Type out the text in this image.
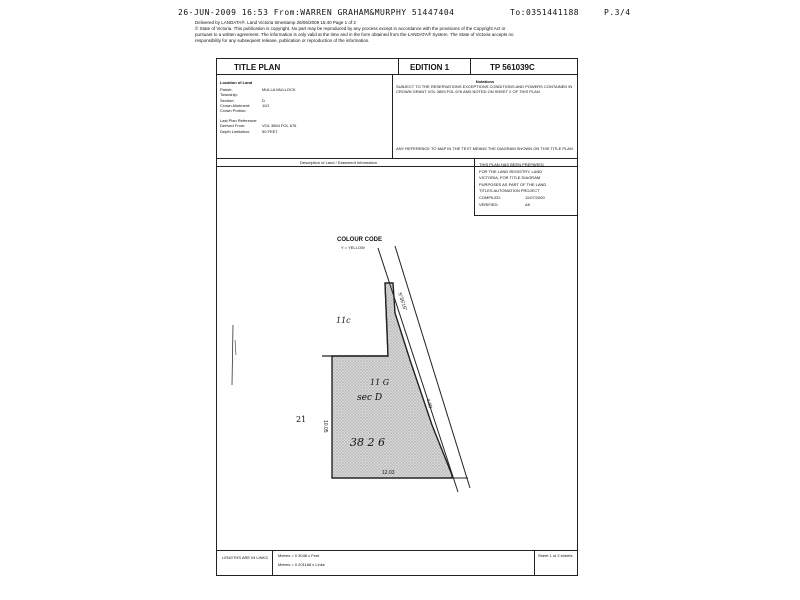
26-JUN-2009 16:53 From:WARREN GRAHAM&MURPHY 51447404	To:0351441188	P.3/4
Delivered by LANDATA®. Land Victoria timestamp 26/06/2009 15:40 Page 1 of 2
© State of Victoria. This publication is copyright. No part may be reproduced by any process except in accordance with the provisions of the Copyright Act or
pursuant to a written agreement. The information is only valid at the time and in the form obtained from the LANDATA® System. The State of Victoria accepts no
responsibility for any subsequent release, publication or reproduction of the information.
TITLE PLAN	EDITION 1	TP 561039C
Location of Land
Parish:	MULLA MULLOCK
Township:
Section:	D
Crown Allotment:	11G
Crown Portion:
Last Plan Reference:
Derived From:	VOL 3894 FOL 676
Depth Limitation:	50 FEET
Notations
SUBJECT TO THE RESERVATIONS EXCEPTIONS CONDITIONS AND POWERS CONTAINED IN CROWN GRANT VOL 3893 FOL 676 AND NOTED ON SHEET 2 OF THIS PLAN
ANY REFERENCE TO MAP IN THE TEXT MEANS THE DIAGRAM SHOWN ON THIS TITLE PLAN
Description of Land / Easement Information	THIS PLAN HAS BEEN PREPARED
FOR THE LAND REGISTRY, LAND
VICTORIA, FOR TITLE DIAGRAM
PURPOSES AS PART OF THE LAND
TITLES AUTOMATION PROJECT
COMPILED:	11/07/2000
VERIFIED:	AK
COLOUR CODE
Y = YELLOW
11c
21
11 G
sec D
38 2 6
5°35'15"
4.09
12.03
10.05
LENGTHS ARE IN LINKS	Metres = 0.3048 x Feet
Metres = 0.201168 x Links
Sheet 1 of 2 sheets
